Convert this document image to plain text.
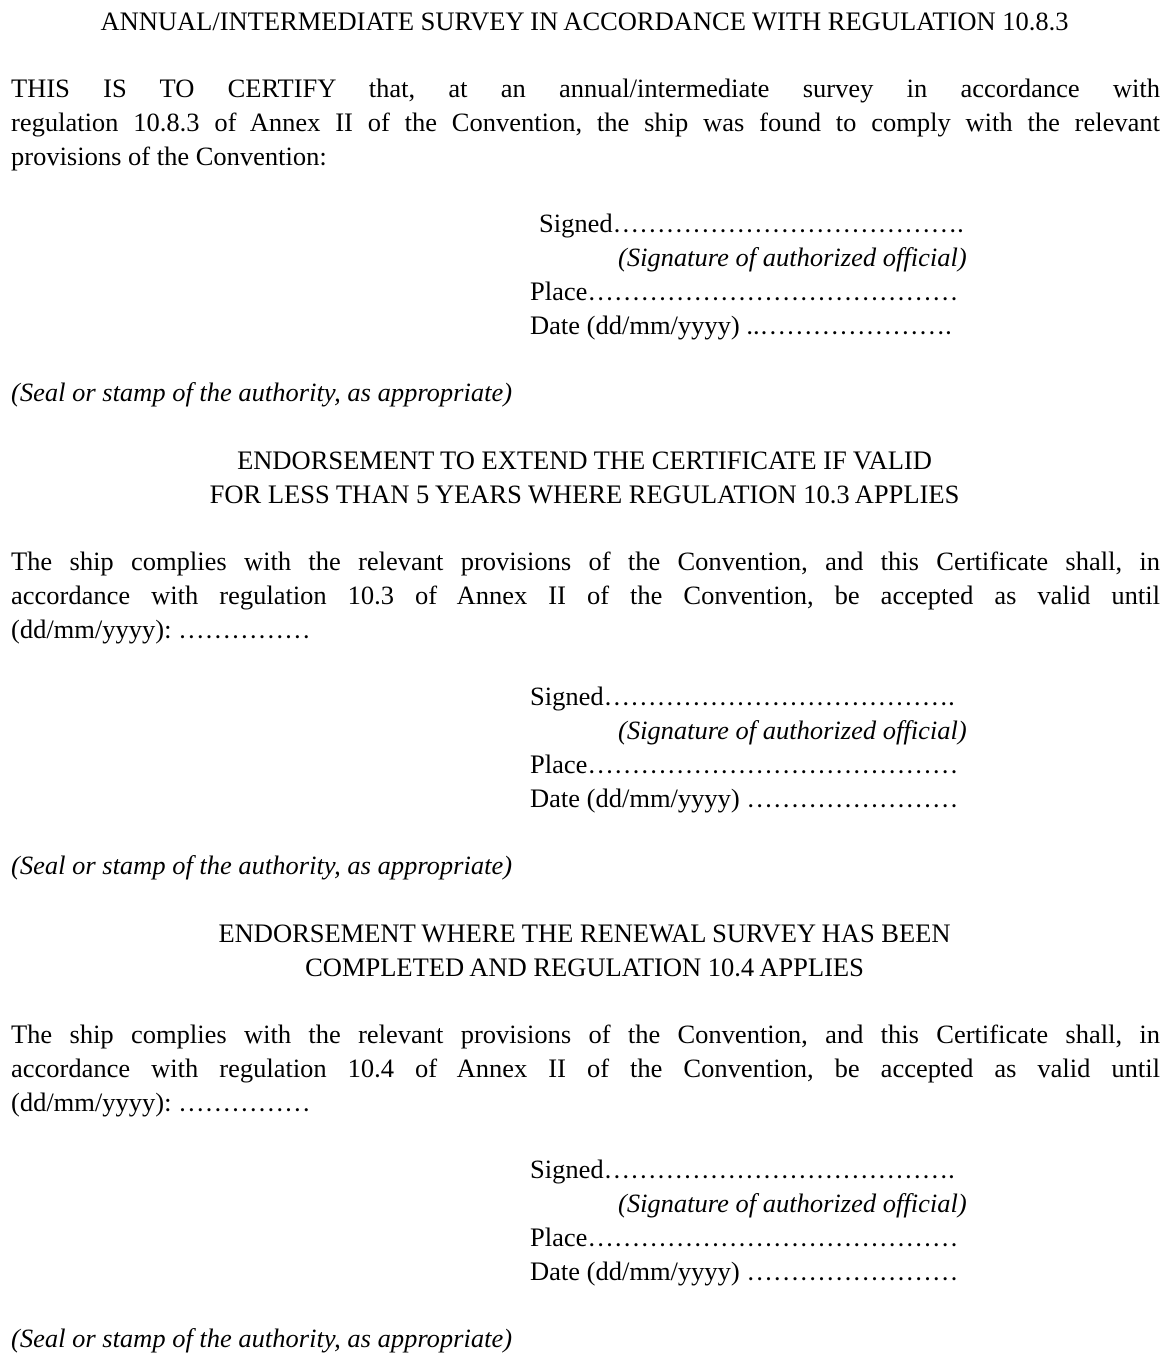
ANNUAL/INTERMEDIATE SURVEY IN ACCORDANCE WITH REGULATION 10.8.3
THIS IS TO CERTIFY that, at an annual/intermediate survey in accordance with
regulation 10.8.3 of Annex II of the Convention, the ship was found to comply with the relevant
provisions of the Convention:
Signed………………………………….
(Signature of authorized official)
Place……………………………………
Date (dd/mm/yyyy) ..………………….
(Seal or stamp of the authority, as appropriate)
ENDORSEMENT TO EXTEND THE CERTIFICATE IF VALID
FOR LESS THAN 5 YEARS WHERE REGULATION 10.3 APPLIES
The ship complies with the relevant provisions of the Convention, and this Certificate shall, in
accordance with regulation 10.3 of Annex II of the Convention, be accepted as valid until
(dd/mm/yyyy): ……………
Signed………………………………….
(Signature of authorized official)
Place……………………………………
Date (dd/mm/yyyy) ……………………
(Seal or stamp of the authority, as appropriate)
ENDORSEMENT WHERE THE RENEWAL SURVEY HAS BEEN
COMPLETED AND REGULATION 10.4 APPLIES
The ship complies with the relevant provisions of the Convention, and this Certificate shall, in
accordance with regulation 10.4 of Annex II of the Convention, be accepted as valid until
(dd/mm/yyyy): ……………
Signed………………………………….
(Signature of authorized official)
Place……………………………………
Date (dd/mm/yyyy) ……………………
(Seal or stamp of the authority, as appropriate)
